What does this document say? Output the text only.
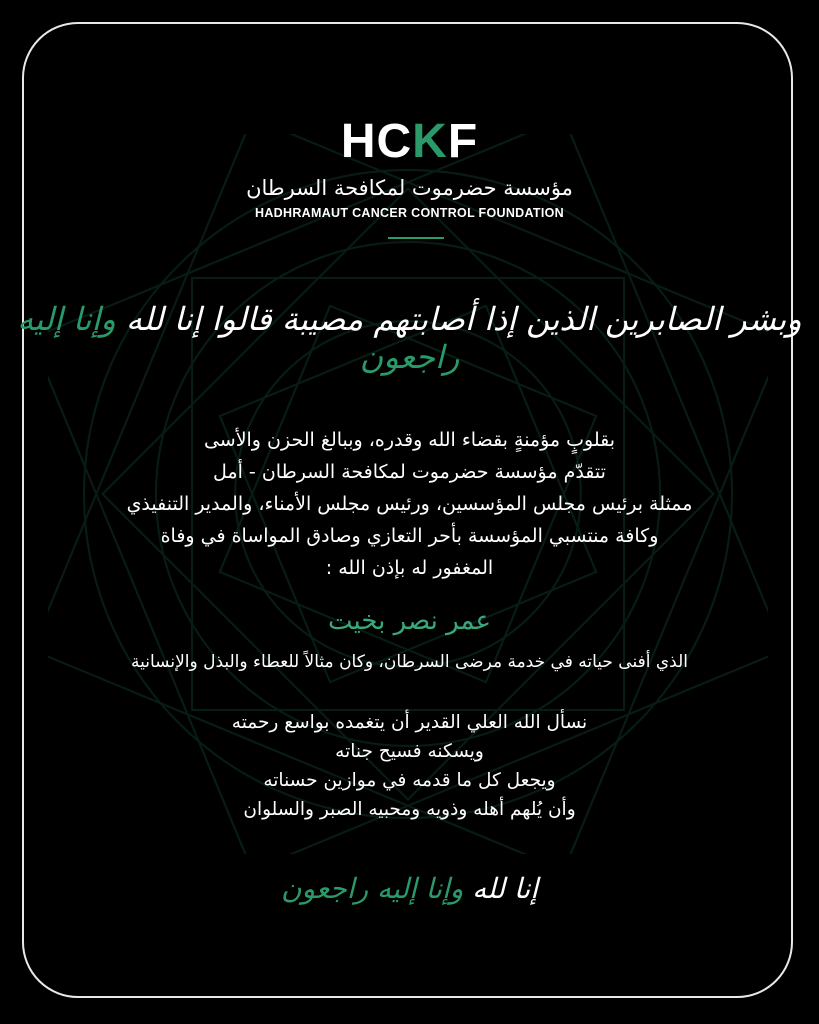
HCKF
مؤسسة حضرموت لمكافحة السرطان
HADHRAMAUT CANCER CONTROL FOUNDATION
وبشر الصابرين الذين إذا أصابتهم مصيبة قالوا إنا لله وإنا إليه راجعون
بقلوبٍ مؤمنةٍ بقضاء الله وقدره، وببالغ الحزن والأسى
تتقدّم مؤسسة حضرموت لمكافحة السرطان - أمل
ممثلة برئيس مجلس المؤسسين، ورئيس مجلس الأمناء، والمدير التنفيذي
وكافة منتسبي المؤسسة بأحر التعازي وصادق المواساة في وفاة
المغفور له بإذن الله :
عمر نصر بخيت
الذي أفنى حياته في خدمة مرضى السرطان، وكان مثالاً للعطاء والبذل والإنسانية
نسأل الله العلي القدير أن يتغمده بواسع رحمته
ويسكنه فسيح جناته
ويجعل كل ما قدمه في موازين حسناته
وأن يُلهم أهله وذويه ومحبيه الصبر والسلوان
إنا لله وإنا إليه راجعون
